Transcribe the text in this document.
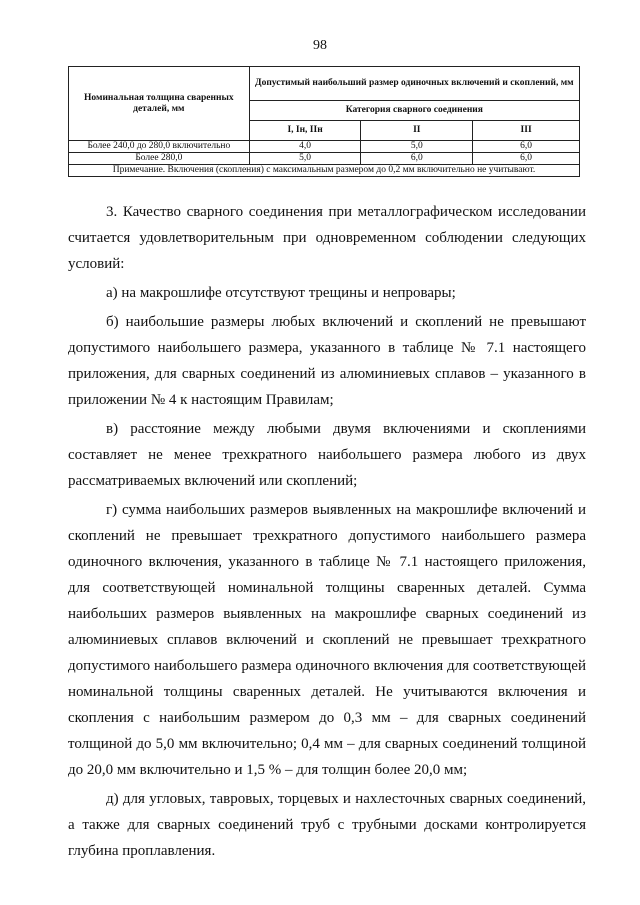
98
Номинальная толщина сваренных деталей, мм	Допустимый наибольший размер одиночных включений и скоплений, мм		
	Категория сварного соединения		
	I, Iн, IIн	II	III
Более 240,0 до 280,0 включительно	4,0	5,0	6,0
Более 280,0	5,0	6,0	6,0
Примечание. Включения (скопления) с максимальным размером до 0,2 мм включительно не учитывают.			

3. Качество сварного соединения при металлографическом исследовании считается удовлетворительным при одновременном соблюдении следующих условий:

а) на макрошлифе отсутствуют трещины и непровары;

б) наибольшие размеры любых включений и скоплений не превышают допустимого наибольшего размера, указанного в таблице № 7.1 настоящего приложения, для сварных соединений из алюминиевых сплавов – указанного в приложении № 4 к настоящим Правилам;

в) расстояние между любыми двумя включениями и скоплениями составляет не менее трехкратного наибольшего размера любого из двух рассматриваемых включений или скоплений;

г) сумма наибольших размеров выявленных на макрошлифе включений и скоплений не превышает трехкратного допустимого наибольшего размера одиночного включения, указанного в таблице № 7.1 настоящего приложения, для соответствующей номинальной толщины сваренных деталей. Сумма наибольших размеров выявленных на макрошлифе сварных соединений из алюминиевых сплавов включений и скоплений не превышает трехкратного допустимого наибольшего размера одиночного включения для соответствующей номинальной толщины сваренных деталей. Не учитываются включения и скопления с наибольшим размером до 0,3 мм – для сварных соединений толщиной до 5,0 мм включительно; 0,4 мм – для сварных соединений толщиной до 20,0 мм включительно и 1,5 % – для толщин более 20,0 мм;

д) для угловых, тавровых, торцевых и нахлесточных сварных соединений, а также для сварных соединений труб с трубными досками контролируется глубина проплавления.
